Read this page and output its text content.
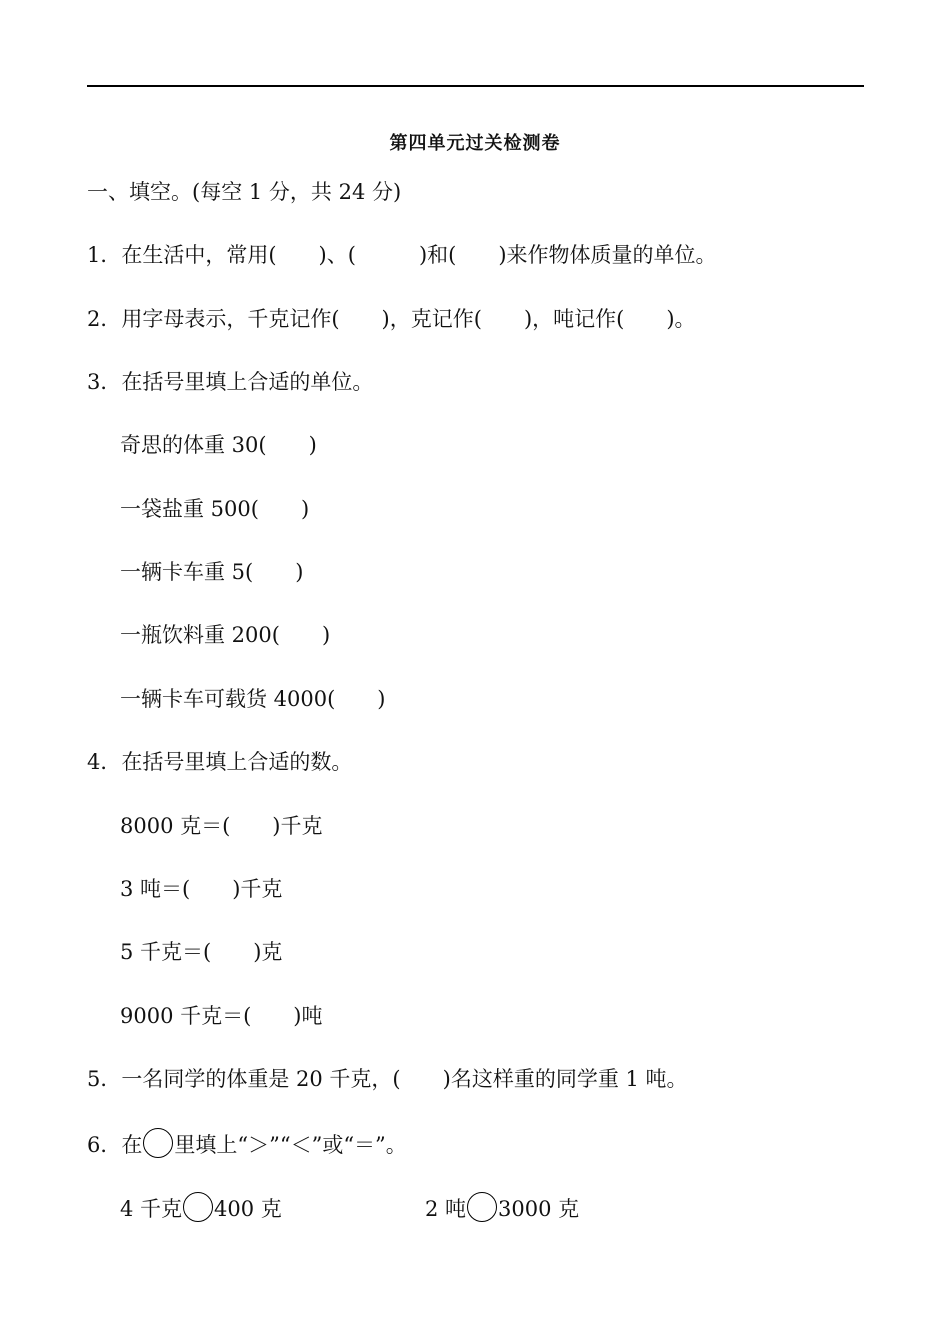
第四单元过关检测卷
一、填空。(每空 1 分，共 24 分)
1．在生活中，常用(　　)、(　　　)和(　　)来作物体质量的单位。
2．用字母表示，千克记作(　　)，克记作(　　)，吨记作(　　)。
3．在括号里填上合适的单位。
奇思的体重 30(　　)
一袋盐重 500(　　)
一辆卡车重 5(　　)
一瓶饮料重 200(　　)
一辆卡车可载货 4000(　　)
4．在括号里填上合适的数。
8000 克＝(　　)千克
3 吨＝(　　)千克
5 千克＝(　　)克
9000 千克＝(　　)吨
5．一名同学的体重是 20 千克，(　　)名这样重的同学重 1 吨。
6．在 里填上“＞”“＜”或“＝”。
4 千克 400 克	2 吨 3000 克
